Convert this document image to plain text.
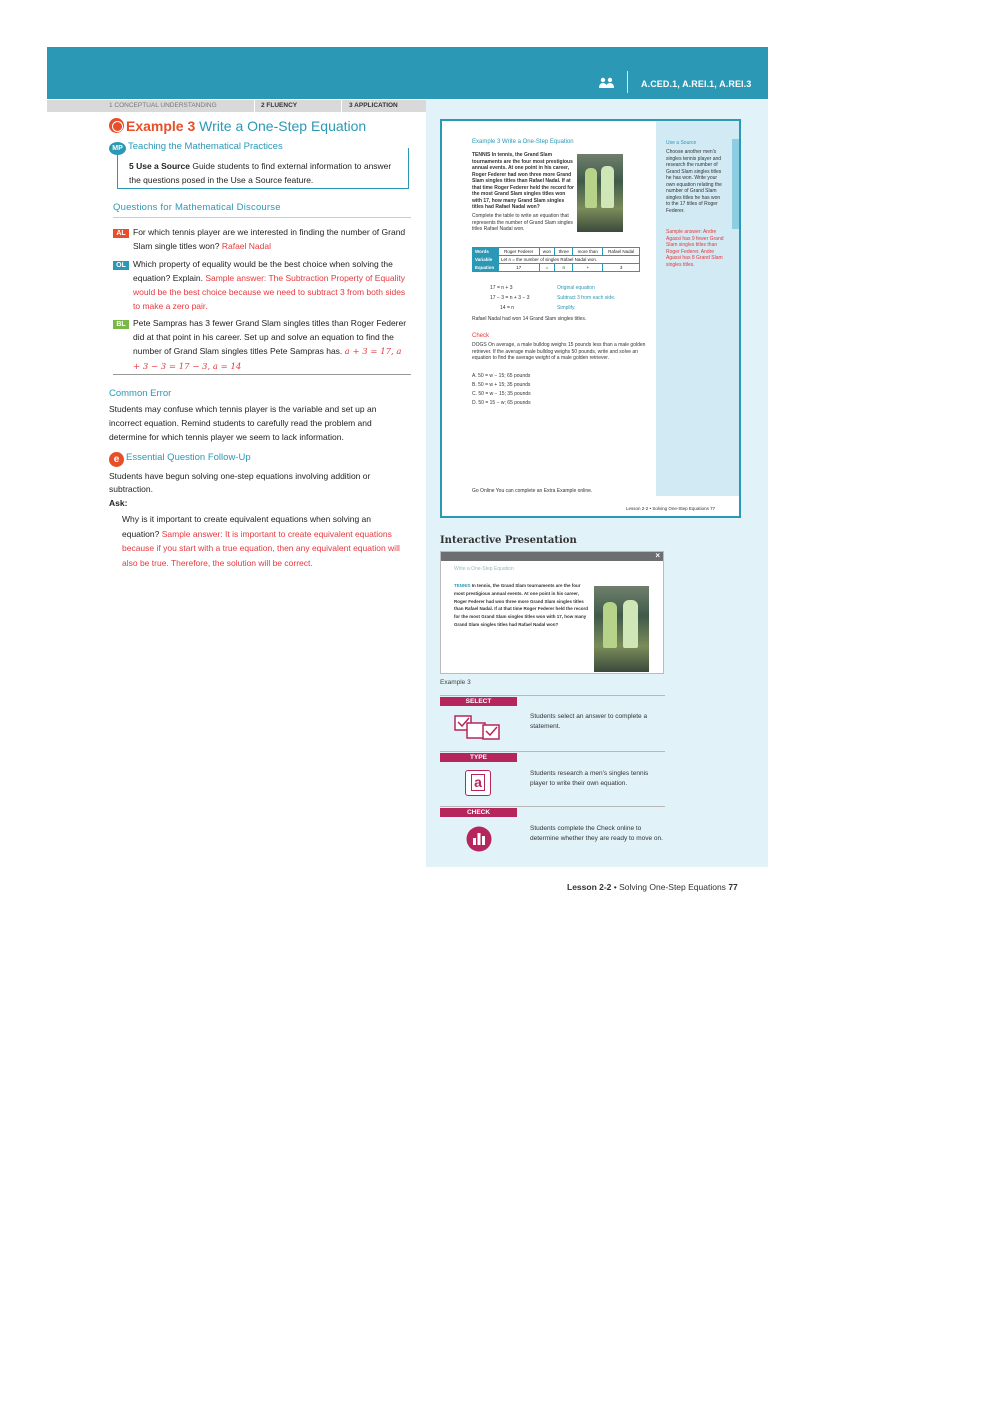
A.CED.1, A.REI.1, A.REI.3
1 CONCEPTUAL UNDERSTANDING	2 FLUENCY	3 APPLICATION
Example 3 Write a One-Step Equation
MP Teaching the Mathematical Practices
5 Use a Source Guide students to find external information to answer the questions posed in the Use a Source feature.
Questions for Mathematical Discourse
AL For which tennis player are we interested in finding the number of Grand Slam single titles won? Rafael Nadal
OL Which property of equality would be the best choice when solving the equation? Explain. Sample answer: The Subtraction Property of Equality would be the best choice because we need to subtract 3 from both sides to make a zero pair.
BL Pete Sampras has 3 fewer Grand Slam singles titles than Roger Federer did at that point in his career. Set up and solve an equation to find the number of Grand Slam singles titles Pete Sampras has. a + 3 = 17, a + 3 − 3 = 17 − 3, a = 14
Common Error
Students may confuse which tennis player is the variable and set up an incorrect equation. Remind students to carefully read the problem and determine for which tennis player we seem to lack information.
e Essential Question Follow-Up
Students have begun solving one-step equations involving addition or subtraction.
Ask:
Why is it important to create equivalent equations when solving an equation? Sample answer: It is important to create equivalent equations because if you start with a true equation, then any equivalent equation will also be true. Therefore, the solution will be correct.
Example 3 Write a One-Step Equation
TENNIS In tennis, the Grand Slam tournaments are the four most prestigious annual events. At one point in his career, Roger Federer had won three more Grand Slam singles titles than Rafael Nadal. If at that time Roger Federer held the record for the most Grand Slam singles titles won with 17, how many Grand Slam singles titles had Rafael Nadal won?
Complete the table to write an equation that represents the number of Grand Slam singles titles Rafael Nadal won.
Words	Roger Federer	won	three	more than	Rafael Nadal
Variable	Let n = the number of singles Rafael Nadal won.				
Equation	17	=	n	+	3
17 = n + 3	Original equation
17 − 3 = n + 3 − 3	Subtract 3 from each side.
14 = n	Simplify.
Rafael Nadal had won 14 Grand Slam singles titles.
Check
DOGS On average, a male bulldog weighs 15 pounds less than a male golden retriever. If the average male bulldog weighs 50 pounds, write and solve an equation to find the average weight of a male golden retriever.
A. 50 = w − 15; 65 pounds
B. 50 = w + 15; 35 pounds
C. 50 = w − 15; 35 pounds
D. 50 = 15 − w; 65 pounds
Go Online You can complete an Extra Example online.
Use a Source
Choose another men's singles tennis player and research the number of Grand Slam singles titles he has won. Write your own equation relating the number of Grand Slam singles titles he has won to the 17 titles of Roger Federer.
Sample answer: Andre Agassi has 9 fewer Grand Slam singles titles than Roger Federer. Andre Agassi has 8 Grand Slam singles titles.
Lesson 2-2 • Solving One-Step Equations 77
Interactive Presentation
×
Write a One-Step Equation
TENNIS In tennis, the Grand Slam tournaments are the four most prestigious annual events. At one point in his career, Roger Federer had won three more Grand Slam singles titles than Rafael Nadal. If at that time Roger Federer held the record for the most Grand Slam singles titles won with 17, how many Grand Slam singles titles had Rafael Nadal won?
Example 3
SELECT
Students select an answer to complete a statement.
TYPE
a
Students research a men's singles tennis player to write their own equation.
CHECK
Students complete the Check online to determine whether they are ready to move on.
Lesson 2-2 • Solving One-Step Equations 77
